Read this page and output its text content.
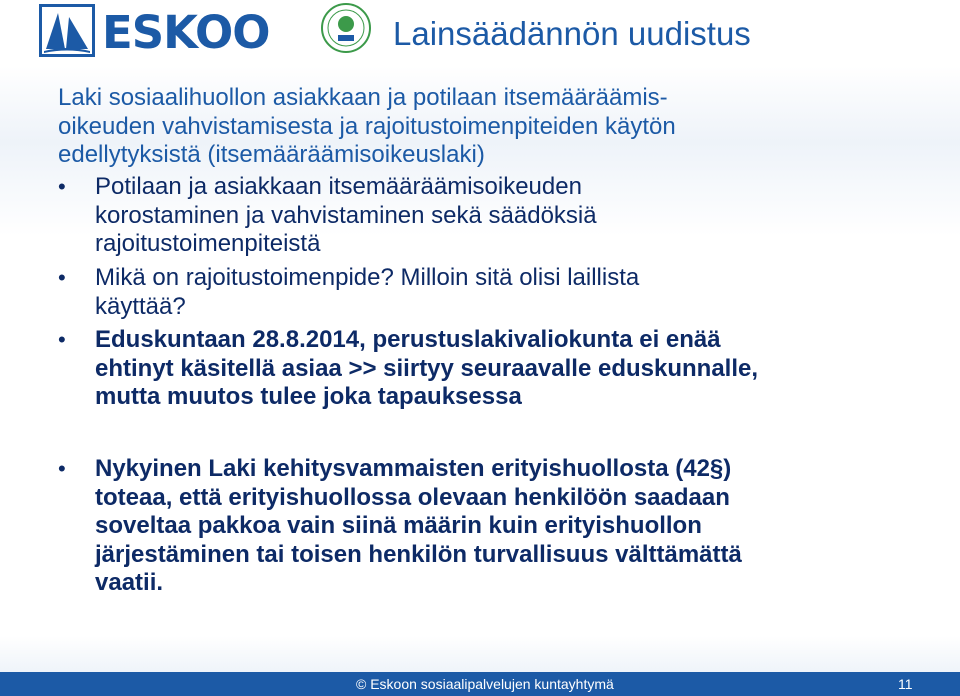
ESKOO	Lainsäädännön uudistus
Laki sosiaalihuollon asiakkaan ja potilaan itsemääräämis-
oikeuden vahvistamisesta ja rajoitustoimenpiteiden käytön
edellytyksistä (itsemääräämisoikeuslaki)
• Potilaan ja asiakkaan itsemääräämisoikeuden
korostaminen ja vahvistaminen sekä säädöksiä
rajoitustoimenpiteistä
• Mikä on rajoitustoimenpide? Milloin sitä olisi laillista
käyttää?
• Eduskuntaan 28.8.2014, perustuslakivaliokunta ei enää
ehtinyt käsitellä asiaa >> siirtyy seuraavalle eduskunnalle,
mutta muutos tulee joka tapauksessa
• Nykyinen Laki kehitysvammaisten erityishuollosta (42§)
toteaa, että erityishuollossa olevaan henkilöön saadaan
soveltaa pakkoa vain siinä määrin kuin erityishuollon
järjestäminen tai toisen henkilön turvallisuus välttämättä
vaatii.
© Eskoon sosiaalipalvelujen kuntayhtymä	11
